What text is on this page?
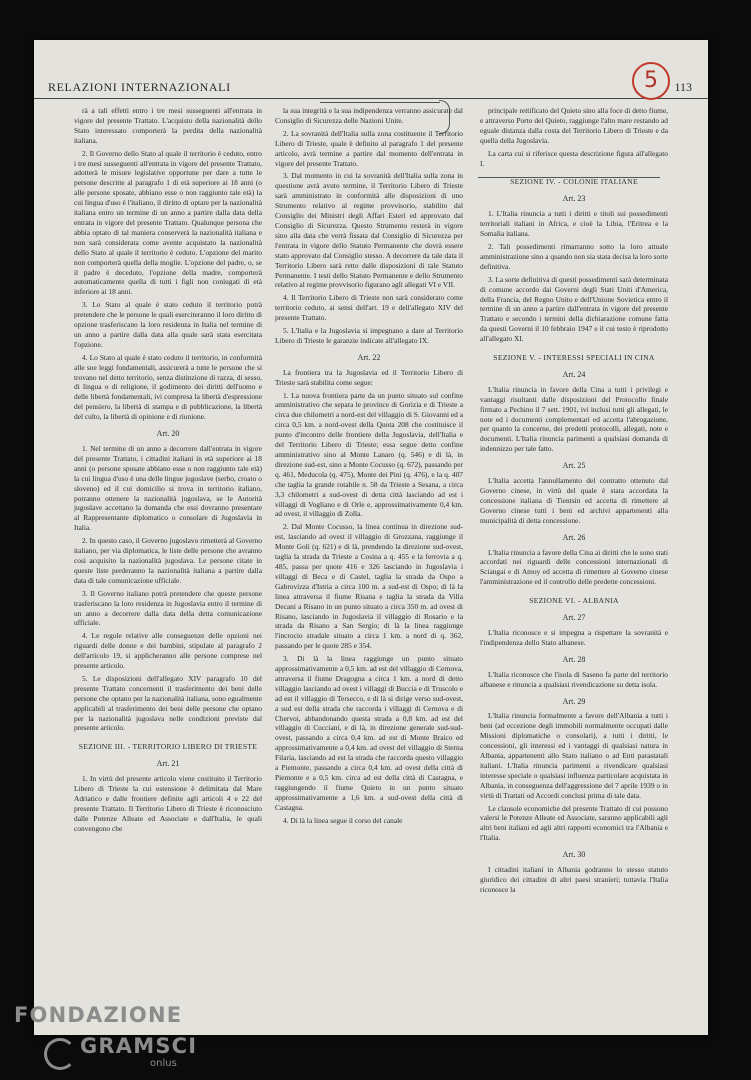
RELAZIONI INTERNAZIONALI	113
5

rà a tali effetti entro i tre mesi susseguenti all'entrata in vigore del presente Trattato. L'acquisto della nazionalità dello Stato interessato comporterà la perdita della nazionalità italiana.

2. Il Governo dello Stato al quale il territorio è ceduto, entro i tre mesi susseguenti all'entrata in vigore del presente Trattato, adotterà le misure legislative opportune per dare a tutte le persone descritte al paragrafo 1 di età superiore ai 18 anni (o alle persone sposate, abbiano esse o non raggiunto tale età) la cui lingua d'uso è l'italiano, il diritto di optare per la nazionalità italiana entro un termine di un anno a partire dalla data della entrata in vigore del presente Trattato. Qualunque persona che abbia optato di tal maniera conserverà la nazionalità italiana e non sarà considerata come avente acquistato la nazionalità dello Stato al quale il territorio è ceduto. L'opzione del marito non comporterà quella della moglie. L'opzione del padre, o, se il padre è deceduto, l'opzione della madre, comporterà automaticamente quella di tutti i figli non coniugati di età inferiore ai 18 anni.

3. Lo Stato al quale è stato ceduto il territorio potrà pretendere che le persone le quali eserciteranno il loro diritto di opzione trasferiscano la loro residenza in Italia nel termine di un anno a partire dalla data alla quale sarà stata esercitata l'opzione.

4. Lo Stato al quale è stato ceduto il territorio, in conformità alle sue leggi fondamentali, assicurerà a tutte le persone che si trovano nel detto territorio, senza distinzione di razza, di sesso, di lingua o di religione, il godimento dei diritti dell'uomo e delle libertà fondamentali, ivi compresa la libertà d'espressione del pensiero, la libertà di stampa e di pubblicazione, la libertà del culto, la libertà di opinione e di riunione.

Art. 20

1. Nel termine di un anno a decorrere dall'entrata in vigore del presente Trattato, i cittadini italiani in età superiore ai 18 anni (o persone sposate abbiano esse o non raggiunto tale età) la cui lingua d'uso è una delle lingue jugoslave (serbo, croato o sloveno) ed il cui domicilio si trova in territorio italiano, potranno ottenere la nazionalità jugoslava, se le Autorità jugoslave accettano la domanda che essi dovranno presentare al Rappresentante diplomatico o consolare di Jugoslavia in Italia.

2. In questo caso, il Governo jugoslavo rimetterà al Governo italiano, per via diplomatica, le liste delle persone che avranno così acquisito la nazionalità jugoslava. Le persone citate in queste liste perderanno la nazionalità italiana a partire dalla data di tale comunicazione ufficiale.

3. Il Governo italiano potrà pretendere che queste persone trasferiscano la loro residenza in Jugoslavia entro il termine di un anno a decorrere dalla data della detta comunicazione ufficiale.

4. Le regole relative alle conseguenze delle opzioni nei riguardi delle donne e dei bambini, stipulate al paragrafo 2 dell'articolo 19, si applicheranno alle persone comprese nel presente articolo.

5. Le disposizioni dell'allegato XIV paragrafo 10 del presente Trattato concernenti il trasferimento dei beni delle persone che optano per la nazionalità italiana, sono egualmente applicabili al trasferimento dei beni delle persone che optano per la nazionalità jugoslava nelle condizioni previste dal presente articolo.

SEZIONE III. - TERRITORIO LIBERO DI TRIESTE

Art. 21

1. In virtù del presente articolo viene costituito il Territorio Libero di Trieste la cui estensione è delimitata dal Mare Adriatico e dalle frontiere definite agli articoli 4 e 22 del presente Trattato. Il Territorio Libero di Trieste è riconosciuto dalle Potenze Alleate ed Associate e dall'Italia, le quali convengono che

la sua integrità e la sua indipendenza verranno assicurate dal Consiglio di Sicurezza delle Nazioni Unite.

2. La sovranità dell'Italia sulla zona costituente il Territorio Libero di Trieste, quale è definito al paragrafo 1 del presente articolo, avrà termine a partire dal momento dell'entrata in vigore del presente Trattato.

3. Dal momento in cui la sovranità dell'Italia sulla zona in questione avrà avuto termine, il Territorio Libero di Trieste sarà amministrato in conformità alle disposizioni di uno Strumento relativo al regime provvisorio, stabilito dal Consiglio dei Ministri degli Affari Esteri ed approvato dal Consiglio di Sicurezza. Questo Strumento resterà in vigore sino alla data che verrà fissata dal Consiglio di Sicurezza per l'entrata in vigore dello Statuto Permanente che dovrà essere stato approvato dal Consiglio stesso. A decorrere da tale data il Territorio Libero sarà retto dalle disposizioni di tale Statuto Permanente. I testi dello Statuto Permanente e dello Strumento relativo al regime provvisorio figurano agli allegati VI e VII.

4. Il Territorio Libero di Trieste non sarà considerato come territorio ceduto, ai sensi dell'art. 19 e dell'allegato XIV del presente Trattato.

5. L'Italia e la Jugoslavia si impegnano a dare al Territorio Libero di Trieste le garanzie indicate all'allegato IX.

Art. 22

La frontiera tra la Jugoslavia ed il Territorio Libero di Trieste sarà stabilita come segue:

1. La nuova frontiera parte da un punto situato sul confine amministrativo che separa le province di Gorizia e di Trieste a circa due chilometri a nord-est del villaggio di S. Giovanni ed a circa 0,5 km. a nord-ovest della Quota 208 che costituisce il punto d'incontro delle frontiere della Jugoslavia, dell'Italia e del Territorio Libero di Trieste; essa segue detto confine amministrativo sino al Monte Lanaro (q. 546) e di là, in direzione sud-est, sino a Monte Cocusso (q. 672), passando per q. 461, Meducola (q. 475), Monte dei Pini (q. 476), e la q. 407 che taglia la grande rotabile n. 58 da Trieste a Sesana, a circa 3,3 chilometri a sud-ovest di detta città lasciando ad est i villaggi di Vogliano e di Orle e, approssimativamente 0,4 km. ad ovest, il villaggio di Zolla.

2. Dal Monte Cocusso, la linea continua in direzione sud-est, lasciando ad ovest il villaggio di Grozzana, raggiunge il Monte Goli (q. 621) e di là, prendendo la direzione sud-ovest, taglia la strada da Trieste a Cosina a q. 455 e la ferrovia a q. 485, passa per quote 416 e 326 lasciando in Jugoslavia i villaggi di Beca e di Castel, taglia la strada da Ospo a Gabrovizza d'Istria a circa 100 m. a sud-est di Ospo; di là la linea attraversa il fiume Risana e taglia la strada da Villa Decani a Risano in un punto situato a circa 350 m. ad ovest di Risano, lasciando in Jugoslavia il villaggio di Rosario e la strada da Risano a San Sergio; di là la linea raggiunge l'incrocio stradale situato a circa 1 km. a nord di q. 362, passando per le quote 285 e 354.

3. Di là la linea raggiunge un punto situato approssimativamente a 0,5 km. ad est del villaggio di Cernova, attraversa il fiume Dragogna a circa 1 km. a nord di detto villaggio lasciando ad ovest i villaggi di Buccia e di Truscolo e ad est il villaggio di Tersecco, e di là si dirige verso sud-ovest, a sud est della strada che raccorda i villaggi di Cernova e di Chervoi, abbandonando questa strada a 0,8 km. ad est del villaggio di Cucciani, e di là, in direzione generale sud-sud-ovest, passando a circa 0,4 km. ad est di Monte Braico ed approssimativamente a 0,4 km. ad ovest del villaggio di Sterna Filaria, lasciando ad est la strada che raccorda questo villaggio a Piemonte, passando a circa 0,4 km. ad ovest della città di Piemonte e a 0,5 km. circa ad est della città di Castagna, e raggiungendo il fiume Quieto in un punto situato approssimativamente a 1,6 km. a sud-ovest della città di Castagna.

4. Di là la linea segue il corso del canale

principale rettificato del Quieto sino alla foce di detto fiume, e attraverso Porto del Quieto, raggiunge l'alto mare restando ad eguale distanza dalla costa del Territorio Libero di Trieste e da quella della Jugoslavia.

La carta cui si riferisce questa descrizione figura all'allegato I.

SEZIONE IV. - COLONIE ITALIANE

Art. 23

1. L'Italia rinuncia a tutti i diritti e titoli sui possedimenti territoriali italiani in Africa, e cioè la Libia, l'Eritrea e la Somalia italiana.

2. Tali possedimenti rimarranno sotto la loro attuale amministrazione sino a quando non sia stata decisa la loro sorte definitiva.

3. La sorte definitiva di questi possedimenti sarà determinata di comune accordo dai Governi degli Stati Uniti d'America, della Francia, del Regno Unito e dell'Unione Sovietica entro il termine di un anno a partire dall'entrata in vigore del presente Trattato e secondo i termini della dichiarazione comune fatta da questi Governi il 10 febbraio 1947 e il cui testo è riprodotto all'allegato XI.

SEZIONE V. - INTERESSI SPECIALI IN CINA

Art. 24

L'Italia rinuncia in favore della Cina a tutti i privilegi e vantaggi risultanti dalle disposizioni del Protocollo finale firmato a Pechino il 7 sett. 1901, ivi inclusi tutti gli allegati, le note ed i documenti complementari ed accetta l'abrogazione, per quanto la concerne, dei predetti protocolli, allegati, note e documenti. L'Italia rinuncia parimenti a qualsiasi domanda di indennizzo per tale fatto.

Art. 25

L'Italia accetta l'annullamento del contratto ottenuto dal Governo cinese, in virtù del quale è stata accordata la concessione italiana di Tientsin ed accetta di rimettere al Governo cinese tutti i beni ed archivi appartenenti alla municipalità di detta concessione.

Art. 26

L'Italia rinuncia a favore della Cina ai diritti che le sono stati accordati nei riguardi delle concessioni internazionali di Sciangai e di Amoy ed accetta di rimettere al Governo cinese l'amministrazione ed il controllo delle predette concessioni.

SEZIONE VI. - ALBANIA

Art. 27

L'Italia riconosce e si impegna a rispettare la sovranità e l'indipendenza dello Stato albanese.

Art. 28

L'Italia riconosce che l'isola di Saseno fa parte del territorio albanese e rinuncia a qualsiasi rivendicazione su detta isola.

Art. 29

L'Italia rinuncia formalmente a favore dell'Albania a tutti i beni (ad eccezione degli immobili normalmente occupati dalle Missioni diplomatiche o consolari), a tutti i diritti, le concessioni, gli interessi ed i vantaggi di qualsiasi natura in Albania, appartenenti allo Stato italiano o ad Enti parastatali italiani. L'Italia rinuncia parimenti a rivendicare qualsiasi interesse speciale o qualsiasi influenza particolare acquistata in Albania, in conseguenza dell'aggressione del 7 aprile 1939 o in virtù di Trattati od Accordi conclusi prima di tale data.

Le clausole economiche del presente Trattato di cui possono valersi le Potenze Alleate ed Associate, saranno applicabili agli altri beni italiani ed agli altri rapporti economici tra l'Albania e l'Italia.

Art. 30

I cittadini italiani in Albania godranno lo stesso statuto giuridico dei cittadini di altri paesi stranieri; tuttavia l'Italia riconosce la

FONDAZIONE
GRAMSCI
onlus
